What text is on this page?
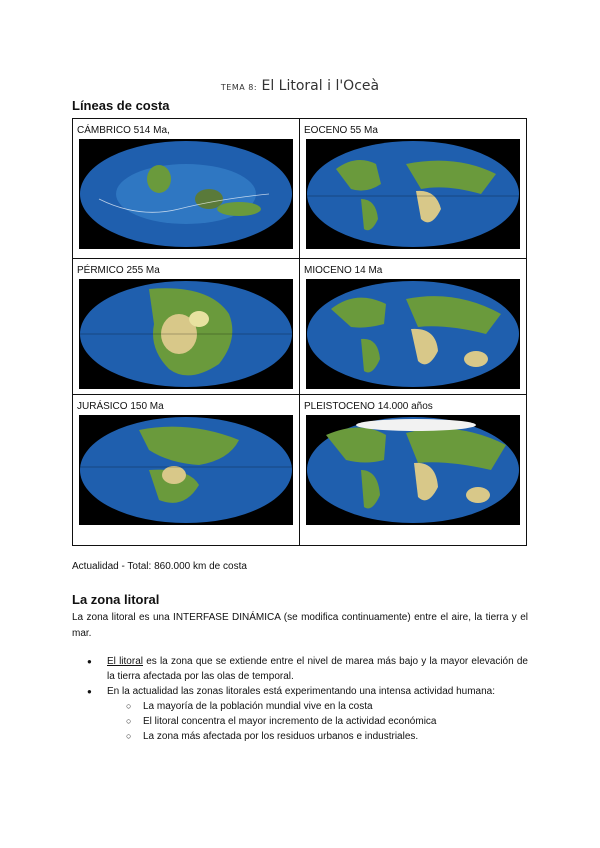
TEMA 8: El Litoral i l'Oceà
Líneas de costa
CÁMBRICO 514 Ma,	EOCENO 55 Ma

PÉRMICO 255 Ma	MIOCENO 14 Ma

JURÁSICO 150 Ma	PLEISTOCENO 14.000 años
Actualidad - Total: 860.000 km de costa
La zona litoral
La zona litoral es una INTERFASE DINÁMICA (se modifica continuamente) entre el aire, la tierra y el mar.
● El litoral es la zona que se extiende entre el nivel de marea más bajo y la mayor elevación de la tierra afectada por las olas de temporal.
● En la actualidad las zonas litorales está experimentando una intensa actividad humana:
○ La mayoría de la población mundial vive en la costa
○ El litoral concentra el mayor incremento de la actividad económica
○ La zona más afectada por los residuos urbanos e industriales.
